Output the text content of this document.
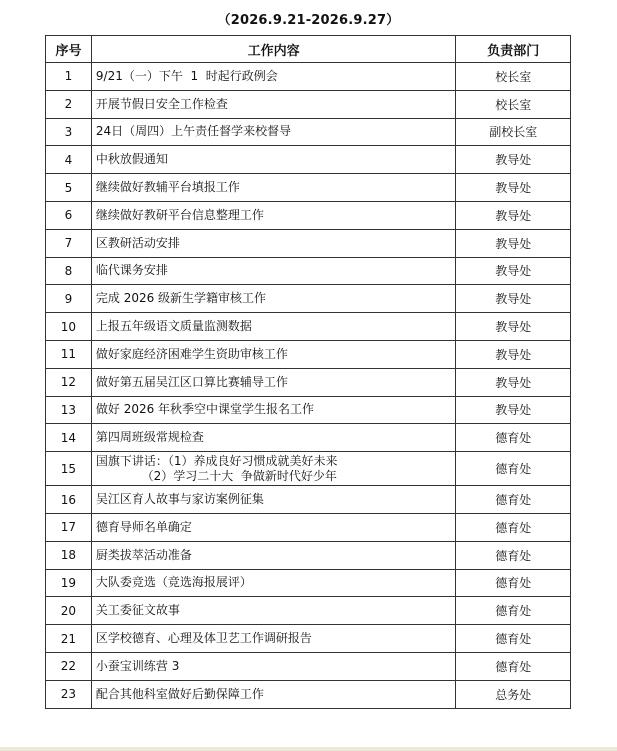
（2026.9.21-2026.9.27）
序号	工作内容	负责部门
1	9/21（一）下午  1  时起行政例会	校长室
2	开展节假日安全工作检查	校长室
3	24日（周四）上午责任督学来校督导	副校长室
4	中秋放假通知	教导处
5	继续做好教辅平台填报工作	教导处
6	继续做好教研平台信息整理工作	教导处
7	区教研活动安排	教导处
8	临代课务安排	教导处
9	完成 2026 级新生学籍审核工作	教导处
10	上报五年级语文质量监测数据	教导处
11	做好家庭经济困难学生资助审核工作	教导处
12	做好第五届吴江区口算比赛辅导工作	教导处
13	做好 2026 年秋季空中课堂学生报名工作	教导处
14	第四周班级常规检查	德育处
15	国旗下讲话：（1）养成良好习惯成就美好未来
（2）学习二十大  争做新时代好少年	德育处
16	吴江区育人故事与家访案例征集	德育处
17	德育导师名单确定	德育处
18	厨类拔萃活动准备	德育处
19	大队委竞选（竞选海报展评）	德育处
20	关工委征文故事	德育处
21	区学校德育、心理及体卫艺工作调研报告	德育处
22	小蚕宝训练营 3	德育处
23	配合其他科室做好后勤保障工作	总务处
